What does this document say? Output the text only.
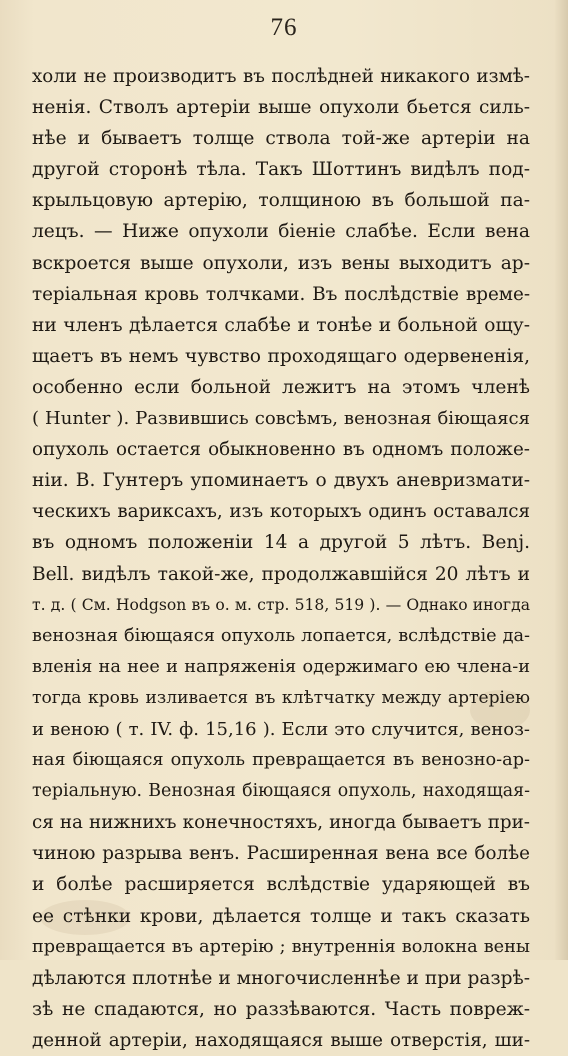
76
холи не производитъ въ послѣдней никакого измѣ-
ненія. Стволъ артеріи выше опухоли бьется силь-
нѣе и бываетъ толще ствола той-же артеріи на
другой сторонѣ тѣла. Такъ Шоттинъ видѣлъ под-
крыльцовую артерію, толщиною въ большой па-
лецъ. — Ниже опухоли біеніе слабѣе. Если вена
вскроется выше опухоли, изъ вены выходитъ ар-
теріальная кровь толчками. Въ послѣдствіе време-
ни членъ дѣлается слабѣе и тонѣе и больной ощу-
щаетъ въ немъ чувство проходящаго одервененія,
особенно если больной лежитъ на этомъ членѣ
( Hunter ). Развившись совсѣмъ, венозная біющаяся
опухоль остается обыкновенно въ одномъ положе-
ніи. В. Гунтеръ упоминаетъ о двухъ аневризмати-
ческихъ вариксахъ, изъ которыхъ одинъ оставался
въ одномъ положеніи 14 а другой 5 лѣтъ. Benj.
Bell. видѣлъ такой-же, продолжавшійся 20 лѣтъ и
т. д. ( См. Hodgson въ о. м. стр. 518, 519 ). — Однако иногда
венозная біющаяся опухоль лопается, вслѣдствіе да-
вленія на нее и напряженія одержимаго ею члена-и
тогда кровь изливается въ клѣтчатку между артеріею
и веною ( т. IV. ф. 15,16 ). Если это случится, веноз-
ная біющаяся опухоль превращается въ венозно-ар-
теріальную. Венозная біющаяся опухоль, находящая-
ся на нижнихъ конечностяхъ, иногда бываетъ при-
чиною разрыва венъ. Расширенная вена все болѣе
и болѣе расширяется вслѣдствіе ударяющей въ
ее стѣнки крови, дѣлается толще и такъ сказать
превращается въ артерію ; внутреннія волокна вены
дѣлаются плотнѣе и многочисленнѣе и при разрѣ-
зѣ не спадаются, но раззѣваются. Часть повреж-
денной артеріи, находящаяся выше отверстія, ши-
